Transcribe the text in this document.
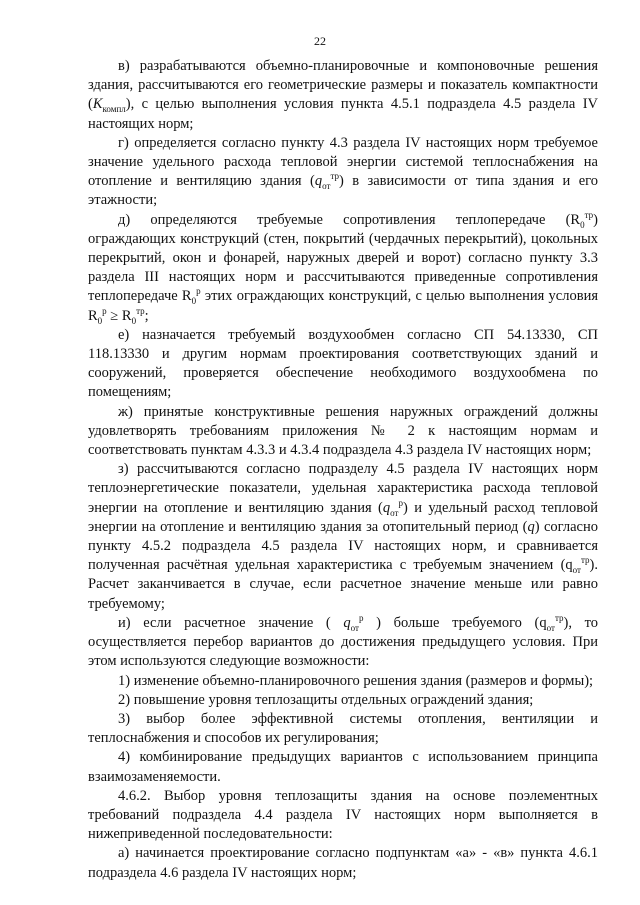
22

в) разрабатываются объемно-планировочные и компоновочные решения здания, рассчитываются его геометрические размеры и показатель компактности $(K_{компл})$, с целью выполнения условия пункта 4.5.1 подраздела 4.5 раздела IV настоящих норм;

г) определяется согласно пункту 4.3 раздела IV настоящих норм требуемое значение удельного расхода тепловой энергии системой теплоснабжения на отопление и вентиляцию здания $(q_{от}^{тр})$ в зависимости от типа здания и его этажности;

д) определяются требуемые сопротивления теплопередаче $(R_0^{тр})$ ограждающих конструкций (стен, покрытий (чердачных перекрытий), цокольных перекрытий, окон и фонарей, наружных дверей и ворот) согласно пункту 3.3 раздела III настоящих норм и рассчитываются приведенные сопротивления теплопередаче $R_0^р$ этих ограждающих конструкций, с целью выполнения условия $R_0^р \ge R_0^{тр}$;

е) назначается требуемый воздухообмен согласно СП 54.13330, СП 118.13330 и другим нормам проектирования соответствующих зданий и сооружений, проверяется обеспечение необходимого воздухообмена по помещениям;

ж) принятые конструктивные решения наружных ограждений должны удовлетворять требованиям приложения № 2 к настоящим нормам и соответствовать пунктам 4.3.3 и 4.3.4 подраздела 4.3 раздела IV настоящих норм;

з) рассчитываются согласно подразделу 4.5 раздела IV настоящих норм теплоэнергетические показатели, удельная характеристика расхода тепловой энергии на отопление и вентиляцию здания $(q_{от}^р)$ и удельный расход тепловой энергии на отопление и вентиляцию здания за отопительный период (q) согласно пункту 4.5.2 подраздела 4.5 раздела IV настоящих норм, и сравнивается полученная расчётная удельная характеристика с требуемым значением $(q_{от}^{тр})$. Расчет заканчивается в случае, если расчетное значение меньше или равно требуемому;

и) если расчетное значение ( $q_{от}^р$ ) больше требуемого $(q_{от}^{тр})$, то осуществляется перебор вариантов до достижения предыдущего условия. При этом используются следующие возможности:

1) изменение объемно-планировочного решения здания (размеров и формы);

2) повышение уровня теплозащиты отдельных ограждений здания;

3) выбор более эффективной системы отопления, вентиляции и теплоснабжения и способов их регулирования;

4) комбинирование предыдущих вариантов с использованием принципа взаимозаменяемости.

4.6.2. Выбор уровня теплозащиты здания на основе поэлементных требований подраздела 4.4 раздела IV настоящих норм выполняется в нижеприведенной последовательности:

а) начинается проектирование согласно подпунктам «а» - «в» пункта 4.6.1 подраздела 4.6 раздела IV настоящих норм;
